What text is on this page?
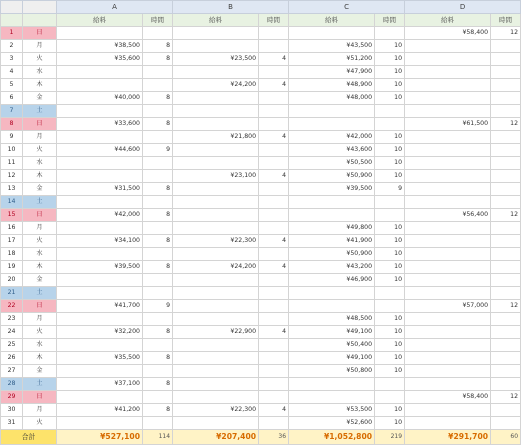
		A		B		C		D	
		給料	時間	給料	時間	給料	時間	給料	時間
1	日							¥58,400	12
2	月	¥38,500	8			¥43,500	10		
3	火	¥35,600	8	¥23,500	4	¥51,200	10		
4	水					¥47,900	10		
5	木			¥24,200	4	¥48,900	10		
6	金	¥40,000	8			¥48,000	10		
7	土								
8	日	¥33,600	8					¥61,500	12
9	月			¥21,800	4	¥42,000	10		
10	火	¥44,600	9			¥43,600	10		
11	水					¥50,500	10		
12	木			¥23,100	4	¥50,900	10		
13	金	¥31,500	8			¥39,500	9		
14	土								
15	日	¥42,000	8					¥56,400	12
16	月					¥49,800	10		
17	火	¥34,100	8	¥22,300	4	¥41,900	10		
18	水					¥50,900	10		
19	木	¥39,500	8	¥24,200	4	¥43,200	10		
20	金					¥46,900	10		
21	土								
22	日	¥41,700	9					¥57,000	12
23	月					¥48,500	10		
24	火	¥32,200	8	¥22,900	4	¥49,100	10		
25	水					¥50,400	10		
26	木	¥35,500	8			¥49,100	10		
27	金					¥50,800	10		
28	土	¥37,100	8						
29	日							¥58,400	12
30	月	¥41,200	8	¥22,300	4	¥53,500	10		
31	火					¥52,600	10		
合計		¥527,100	114	¥207,400	36	¥1,052,800	219	¥291,700	60
